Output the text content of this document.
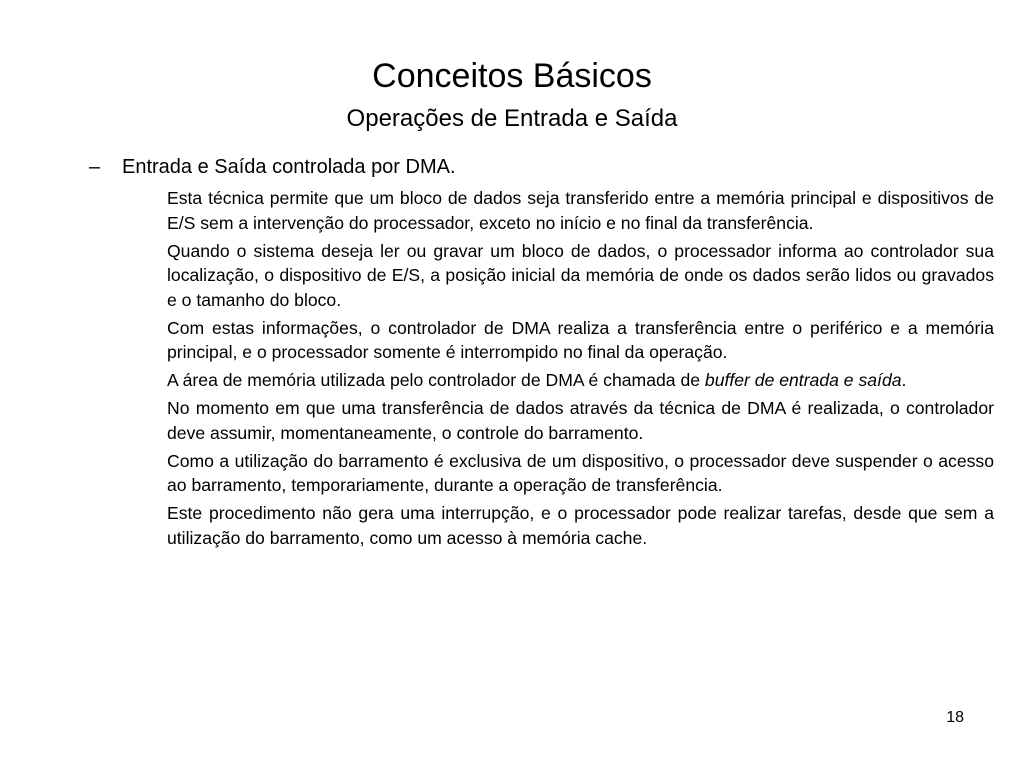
Conceitos Básicos
Operações de Entrada e Saída
– Entrada e Saída controlada por DMA.

Esta técnica permite que um bloco de dados seja transferido entre a memória principal e dispositivos de E/S sem a intervenção do processador, exceto no início e no final da transferência.

Quando o sistema deseja ler ou gravar um bloco de dados, o processador informa ao controlador sua localização, o dispositivo de E/S, a posição inicial da memória de onde os dados serão lidos ou gravados e o tamanho do bloco.

Com estas informações, o controlador de DMA realiza a transferência entre o periférico e a memória principal, e o processador somente é interrompido no final da operação.

A área de memória utilizada pelo controlador de DMA é chamada de buffer de entrada e saída.

No momento em que uma transferência de dados através da técnica de DMA é realizada, o controlador deve assumir, momentaneamente, o controle do barramento.

Como a utilização do barramento é exclusiva de um dispositivo, o processador deve suspender o acesso ao barramento, temporariamente, durante a operação de transferência.

Este procedimento não gera uma interrupção, e o processador pode realizar tarefas, desde que sem a utilização do barramento, como um acesso à memória cache.

18
